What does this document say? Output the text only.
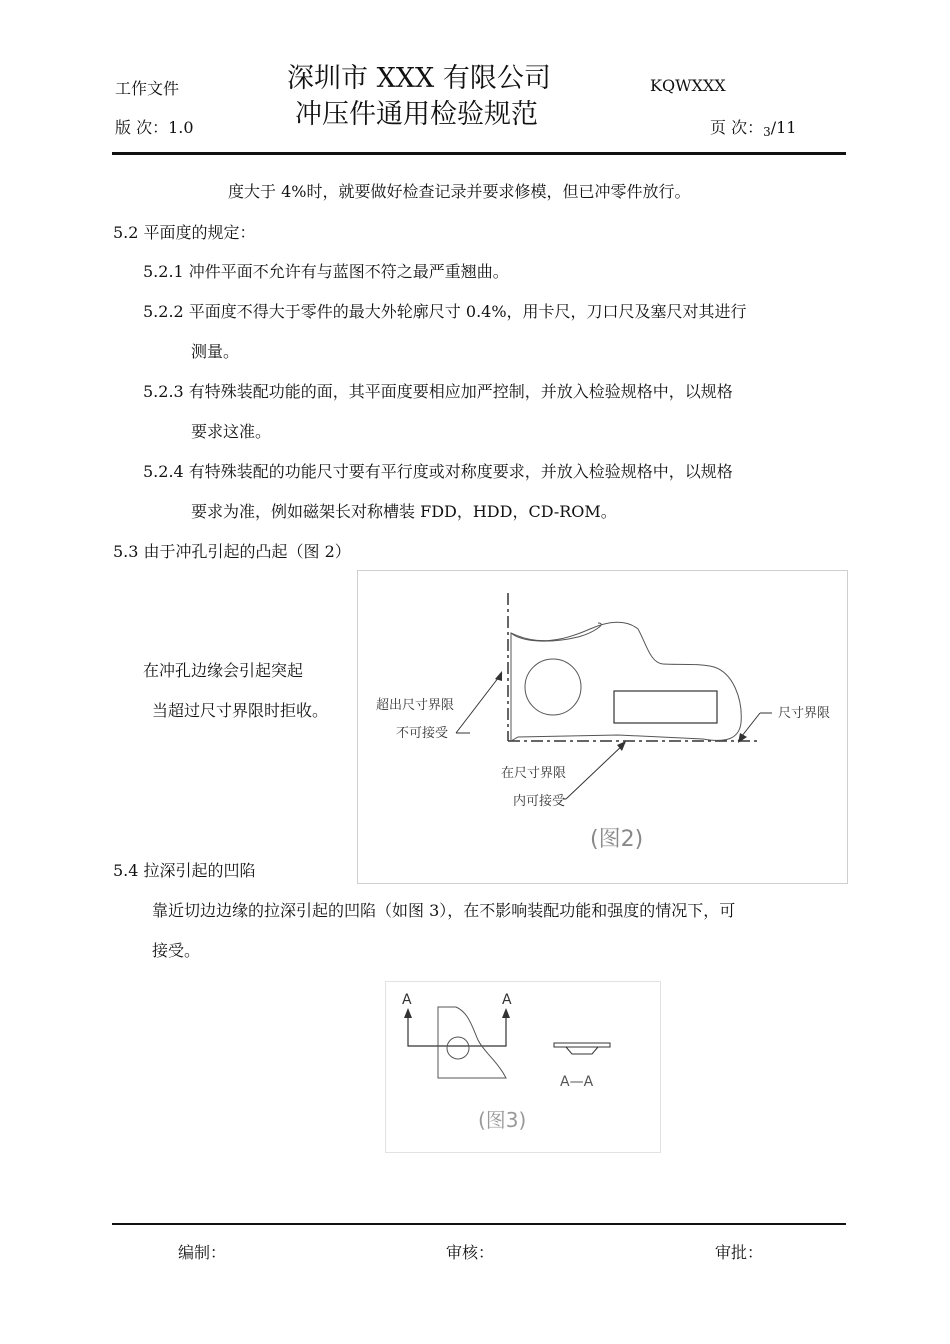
工作文件
版 次：1.0
深圳市 XXX 有限公司
冲压件通用检验规范
KQWXXX
页 次：3/11
度大于 4%时，就要做好检查记录并要求修模，但已冲零件放行。
5.2 平面度的规定：
5.2.1 冲件平面不允许有与蓝图不符之最严重翘曲。
5.2.2 平面度不得大于零件的最大外轮廓尺寸 0.4%，用卡尺，刀口尺及塞尺对其进行
测量。
5.2.3 有特殊装配功能的面，其平面度要相应加严控制，并放入检验规格中，以规格
要求这准。
5.2.4 有特殊装配的功能尺寸要有平行度或对称度要求，并放入检验规格中，以规格
要求为准，例如磁架长对称槽装 FDD，HDD，CD-ROM。
5.3 由于冲孔引起的凸起（图 2）
在冲孔边缘会引起突起
当超过尺寸界限时拒收。	超出尺寸界限
不可接受
在尺寸界限
内可接受
尺寸界限
(图2)
5.4 拉深引起的凹陷
靠近切边边缘的拉深引起的凹陷（如图 3），在不影响装配功能和强度的情况下，可
接受。
A	A
A—A
(图3)
编制：	审核：	审批：
